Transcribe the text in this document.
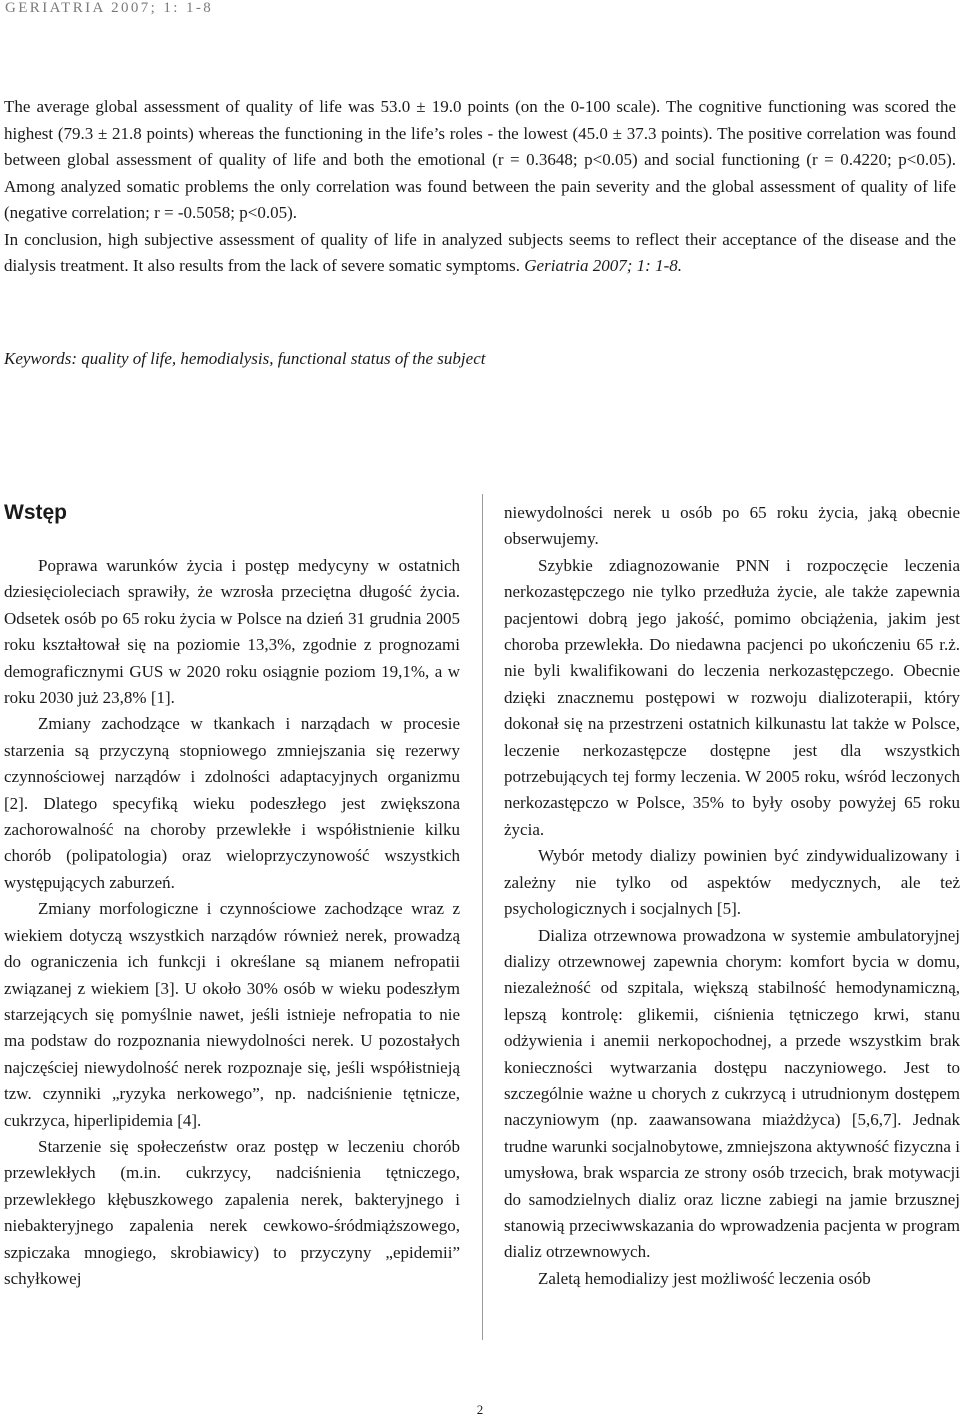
GERIATRIA 2007; 1: 1-8

The average global assessment of quality of life was 53.0 ± 19.0 points (on the 0-100 scale). The cognitive functioning was scored the highest (79.3 ± 21.8 points) whereas the functioning in the life’s roles - the lowest (45.0 ± 37.3 points). The positive correlation was found between global assessment of quality of life and both the emotional (r = 0.3648; p<0.05) and social functioning (r = 0.4220; p<0.05). Among analyzed somatic problems the only correlation was found between the pain severity and the global assessment of quality of life (negative correlation; r = -0.5058; p<0.05).

In conclusion, high subjective assessment of quality of life in analyzed subjects seems to reflect their acceptance of the disease and the dialysis treatment. It also results from the lack of severe somatic symptoms. Geriatria 2007; 1: 1-8.

Keywords: quality of life, hemodialysis, functional status of the subject
Wstęp

Poprawa warunków życia i postęp medycyny w ostatnich dziesięcioleciach sprawiły, że wzrosła przeciętna długość życia. Odsetek osób po 65 roku życia w Polsce na dzień 31 grudnia 2005 roku kształtował się na poziomie 13,3%, zgodnie z prognozami demograficznymi GUS w 2020 roku osiągnie poziom 19,1%, a w roku 2030 już 23,8% [1].

Zmiany zachodzące w tkankach i narządach w procesie starzenia są przyczyną stopniowego zmniejszania się rezerwy czynnościowej narządów i zdolności adaptacyjnych organizmu [2]. Dlatego specyfiką wieku podeszłego jest zwiększona zachorowalność na choroby przewlekłe i współistnienie kilku chorób (polipatologia) oraz wieloprzyczynowość wszystkich występujących zaburzeń.

Zmiany morfologiczne i czynnościowe zachodzące wraz z wiekiem dotyczą wszystkich narządów również nerek, prowadzą do ograniczenia ich funkcji i określane są mianem nefropatii związanej z wiekiem [3]. U około 30% osób w wieku podeszłym starzejących się pomyślnie nawet, jeśli istnieje nefropatia to nie ma podstaw do rozpoznania niewydolności nerek. U pozostałych najczęściej niewydolność nerek rozpoznaje się, jeśli współistnieją tzw. czynniki „ryzyka nerkowego”, np. nadciśnienie tętnicze, cukrzyca, hiperlipidemia [4].

Starzenie się społeczeństw oraz postęp w leczeniu chorób przewlekłych (m.in. cukrzycy, nadciśnienia tętniczego, przewlekłego kłębuszkowego zapalenia nerek, bakteryjnego i niebakteryjnego zapalenia nerek cewkowo-śródmiąższowego, szpiczaka mnogiego, skrobiawicy) to przyczyny „epidemii” schyłkowej

niewydolności nerek u osób po 65 roku życia, jaką obecnie obserwujemy.

Szybkie zdiagnozowanie PNN i rozpoczęcie leczenia nerkozastępczego nie tylko przedłuża życie, ale także zapewnia pacjentowi dobrą jego jakość, pomimo obciążenia, jakim jest choroba przewlekła. Do niedawna pacjenci po ukończeniu 65 r.ż. nie byli kwalifikowani do leczenia nerkozastępczego. Obecnie dzięki znacznemu postępowi w rozwoju dializoterapii, który dokonał się na przestrzeni ostatnich kilkunastu lat także w Polsce, leczenie nerkozastępcze dostępne jest dla wszystkich potrzebujących tej formy leczenia. W 2005 roku, wśród leczonych nerkozastępczo w Polsce, 35% to były osoby powyżej 65 roku życia.

Wybór metody dializy powinien być zindywidualizowany i zależny nie tylko od aspektów medycznych, ale też psychologicznych i socjalnych [5].

Dializa otrzewnowa prowadzona w systemie ambulatoryjnej dializy otrzewnowej zapewnia chorym: komfort bycia w domu, niezależność od szpitala, większą stabilność hemodynamiczną, lepszą kontrolę: glikemii, ciśnienia tętniczego krwi, stanu odżywienia i anemii nerkopochodnej, a przede wszystkim brak konieczności wytwarzania dostępu naczyniowego. Jest to szczególnie ważne u chorych z cukrzycą i utrudnionym dostępem naczyniowym (np. zaawansowana miażdżyca) [5,6,7]. Jednak trudne warunki socjalnobytowe, zmniejszona aktywność fizyczna i umysłowa, brak wsparcia ze strony osób trzecich, brak motywacji do samodzielnych dializ oraz liczne zabiegi na jamie brzusznej stanowią przeciwwskazania do wprowadzenia pacjenta w program dializ otrzewnowych.

Zaletą hemodializy jest możliwość leczenia osób

2
